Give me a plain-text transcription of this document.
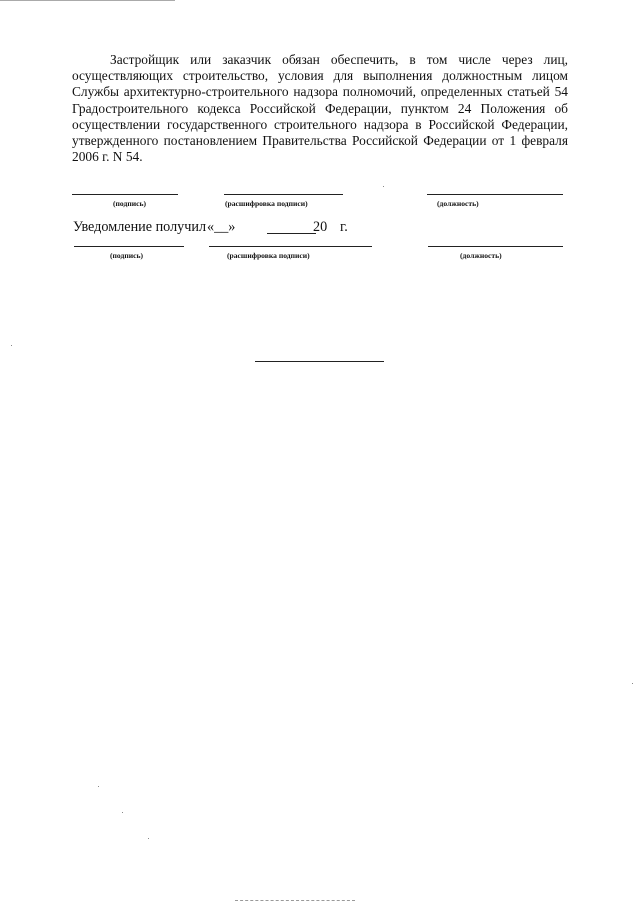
Застройщик или заказчик обязан обеспечить, в том числе через лиц, осуществляющих строительство, условия для выполнения должностным лицом Службы архитектурно-строительного надзора полномочий, определенных статьей 54 Градостроительного кодекса Российской Федерации, пунктом 24 Положения об осуществлении государственного строительного надзора в Российской Федерации, утвержденного постановлением Правительства Российской Федерации от 1 февраля 2006 г. N 54.

(подпись)	(расшифровка подписи)	(должность)
Уведомление получил «__»	20 г.
(подпись)	(расшифровка подписи)	(должность)
